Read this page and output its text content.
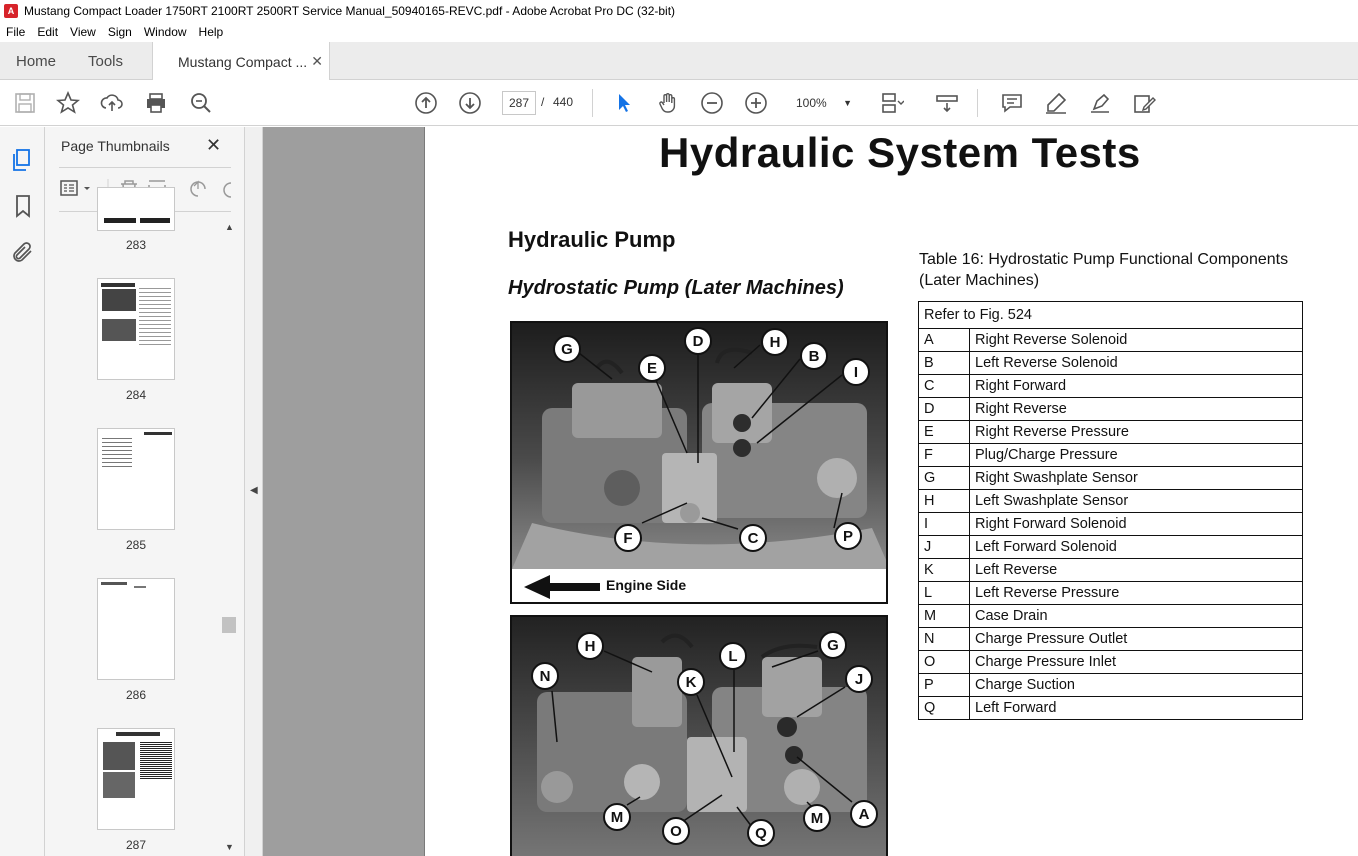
A Mustang Compact Loader 1750RT 2100RT 2500RT Service Manual_50940165-REVC.pdf - Adobe Acrobat Pro DC (32-bit)
File	Edit	View	Sign	Window	Help
Home Tools	Mustang Compact ... ✕
287 / 440	100% ▼
Page Thumbnails ✕
283
284
285
286
287
▲
▼
◀
Hydraulic System Tests
Hydraulic Pump
Hydrostatic Pump (Later Machines)
G
E
D	H
B
I
F	C	P
Engine Side
H
N	K
L
G
J
M
O	Q
M	A
Table 16: Hydrostatic Pump Functional Components (Later Machines)
Refer to Fig. 524	
A	Right Reverse Solenoid
B	Left Reverse Solenoid
C	Right Forward
D	Right Reverse
E	Right Reverse Pressure
F	Plug/Charge Pressure
G	Right Swashplate Sensor
H	Left Swashplate Sensor
I	Right Forward Solenoid
J	Left Forward Solenoid
K	Left Reverse
L	Left Reverse Pressure
M	Case Drain
N	Charge Pressure Outlet
O	Charge Pressure Inlet
P	Charge Suction
Q	Left Forward
